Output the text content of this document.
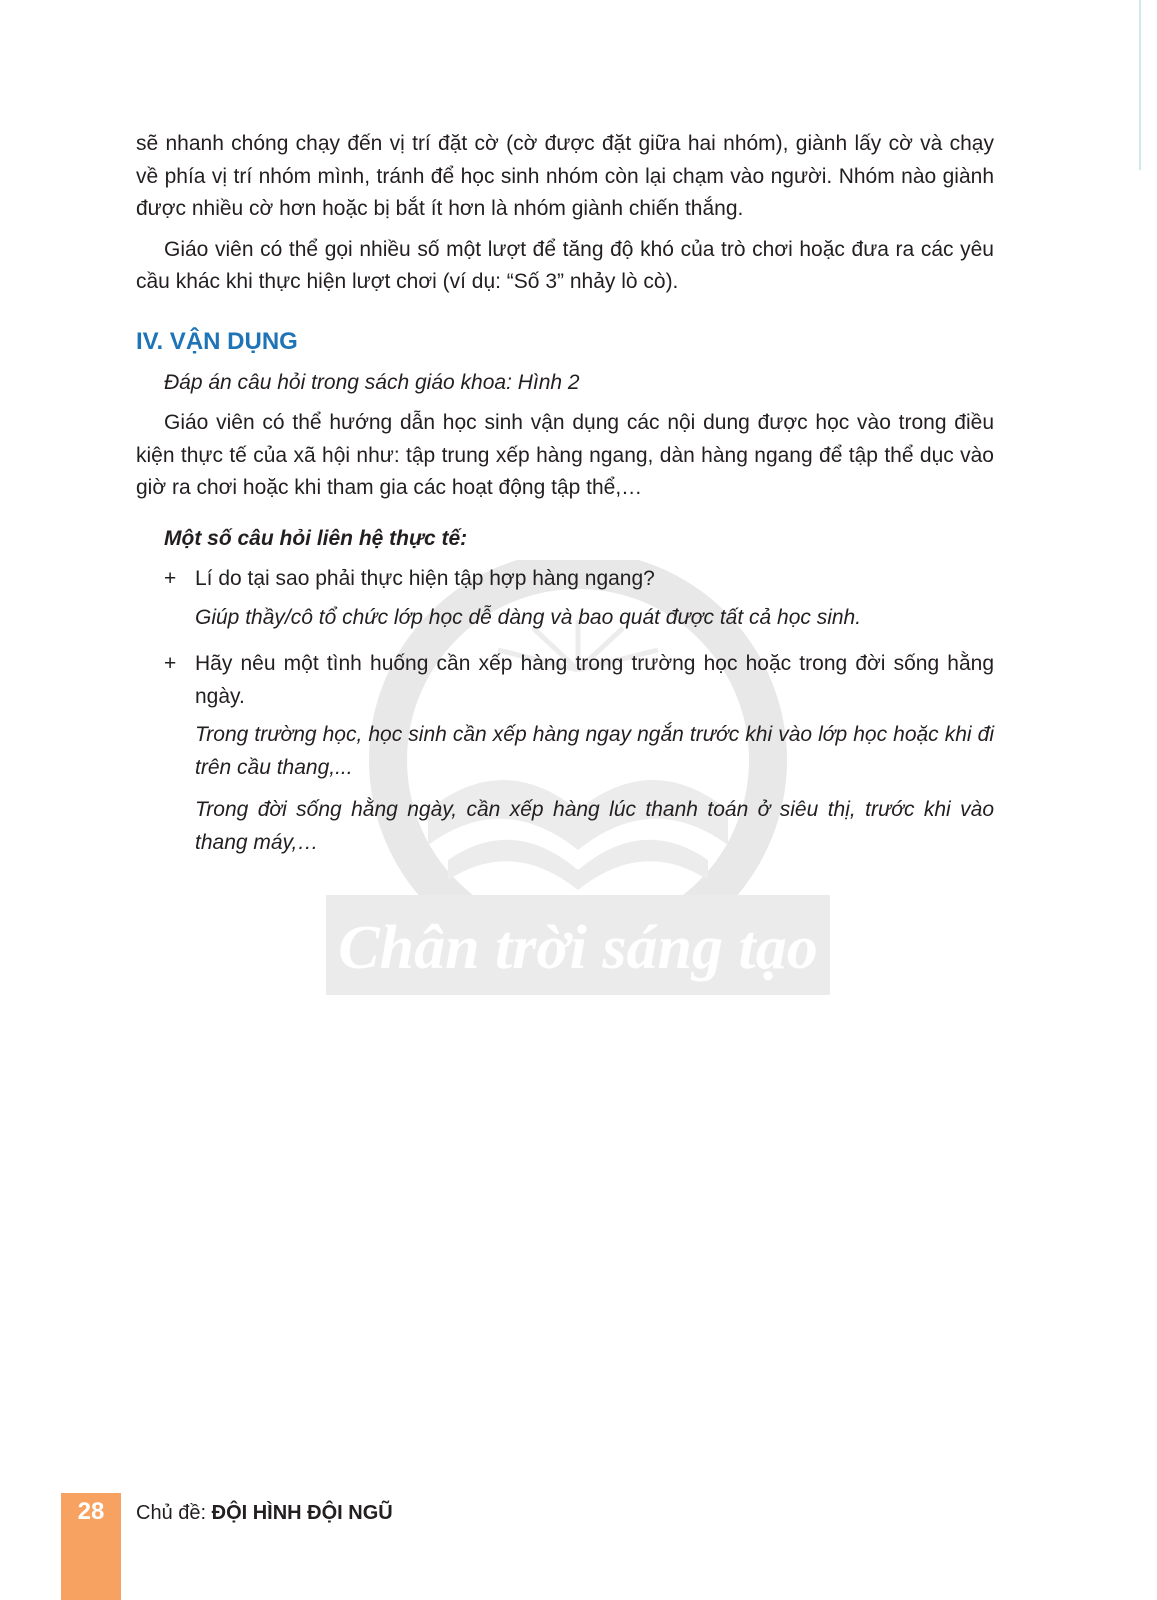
Chân trời sáng tạo

sẽ nhanh chóng chạy đến vị trí đặt cờ (cờ được đặt giữa hai nhóm), giành lấy cờ và chạy về phía vị trí nhóm mình, tránh để học sinh nhóm còn lại chạm vào người. Nhóm nào giành được nhiều cờ hơn hoặc bị bắt ít hơn là nhóm giành chiến thắng.

Giáo viên có thể gọi nhiều số một lượt để tăng độ khó của trò chơi hoặc đưa ra các yêu cầu khác khi thực hiện lượt chơi (ví dụ: “Số 3” nhảy lò cò).

IV. VẬN DỤNG

Đáp án câu hỏi trong sách giáo khoa: Hình 2

Giáo viên có thể hướng dẫn học sinh vận dụng các nội dung được học vào trong điều kiện thực tế của xã hội như: tập trung xếp hàng ngang, dàn hàng ngang để tập thể dục vào giờ ra chơi hoặc khi tham gia các hoạt động tập thể,…

Một số câu hỏi liên hệ thực tế:

+ Lí do tại sao phải thực hiện tập hợp hàng ngang?

Giúp thầy/cô tổ chức lớp học dễ dàng và bao quát được tất cả học sinh.

+ Hãy nêu một tình huống cần xếp hàng trong trường học hoặc trong đời sống hằng ngày.

Trong trường học, học sinh cần xếp hàng ngay ngắn trước khi vào lớp học hoặc khi đi trên cầu thang,...

Trong đời sống hằng ngày, cần xếp hàng lúc thanh toán ở siêu thị, trước khi vào thang máy,…

28	Chủ đề: ĐỘI HÌNH ĐỘI NGŨ
